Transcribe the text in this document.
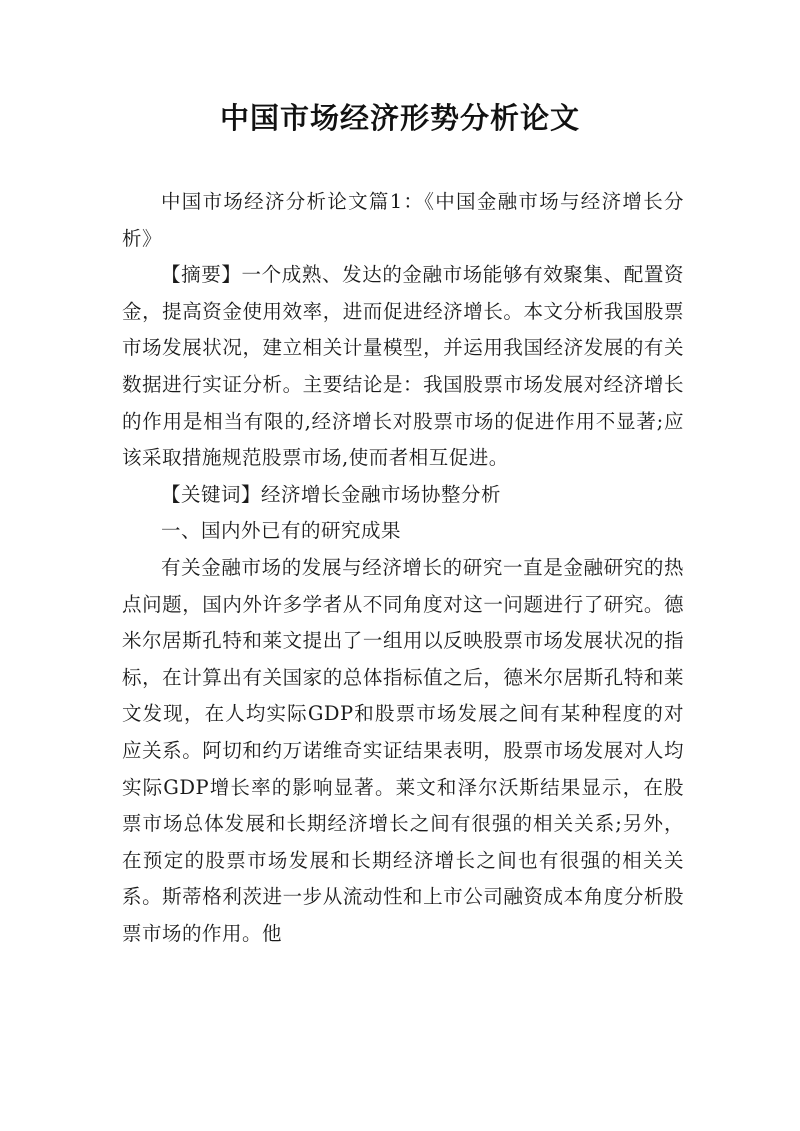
中国市场经济形势分析论文

中国市场经济分析论文篇1：《中国金融市场与经济增长分析》

【摘要】一个成熟、发达的金融市场能够有效聚集、配置资金，提高资金使用效率，进而促进经济增长。本文分析我国股票市场发展状况，建立相关计量模型，并运用我国经济发展的有关数据进行实证分析。主要结论是：我国股票市场发展对经济增长的作用是相当有限的,经济增长对股票市场的促进作用不显著;应该采取措施规范股票市场,使而者相互促进。

【关键词】经济增长金融市场协整分析

一、国内外已有的研究成果

有关金融市场的发展与经济增长的研究一直是金融研究的热点问题，国内外许多学者从不同角度对这一问题进行了研究。德米尔居斯孔特和莱文提出了一组用以反映股票市场发展状况的指标，在计算出有关国家的总体指标值之后，德米尔居斯孔特和莱文发现，在人均实际GDP和股票市场发展之间有某种程度的对应关系。阿切和约万诺维奇实证结果表明，股票市场发展对人均实际GDP增长率的影响显著。莱文和泽尔沃斯结果显示，在股票市场总体发展和长期经济增长之间有很强的相关关系;另外，在预定的股票市场发展和长期经济增长之间也有很强的相关关系。斯蒂格利茨进一步从流动性和上市公司融资成本角度分析股票市场的作用。他
